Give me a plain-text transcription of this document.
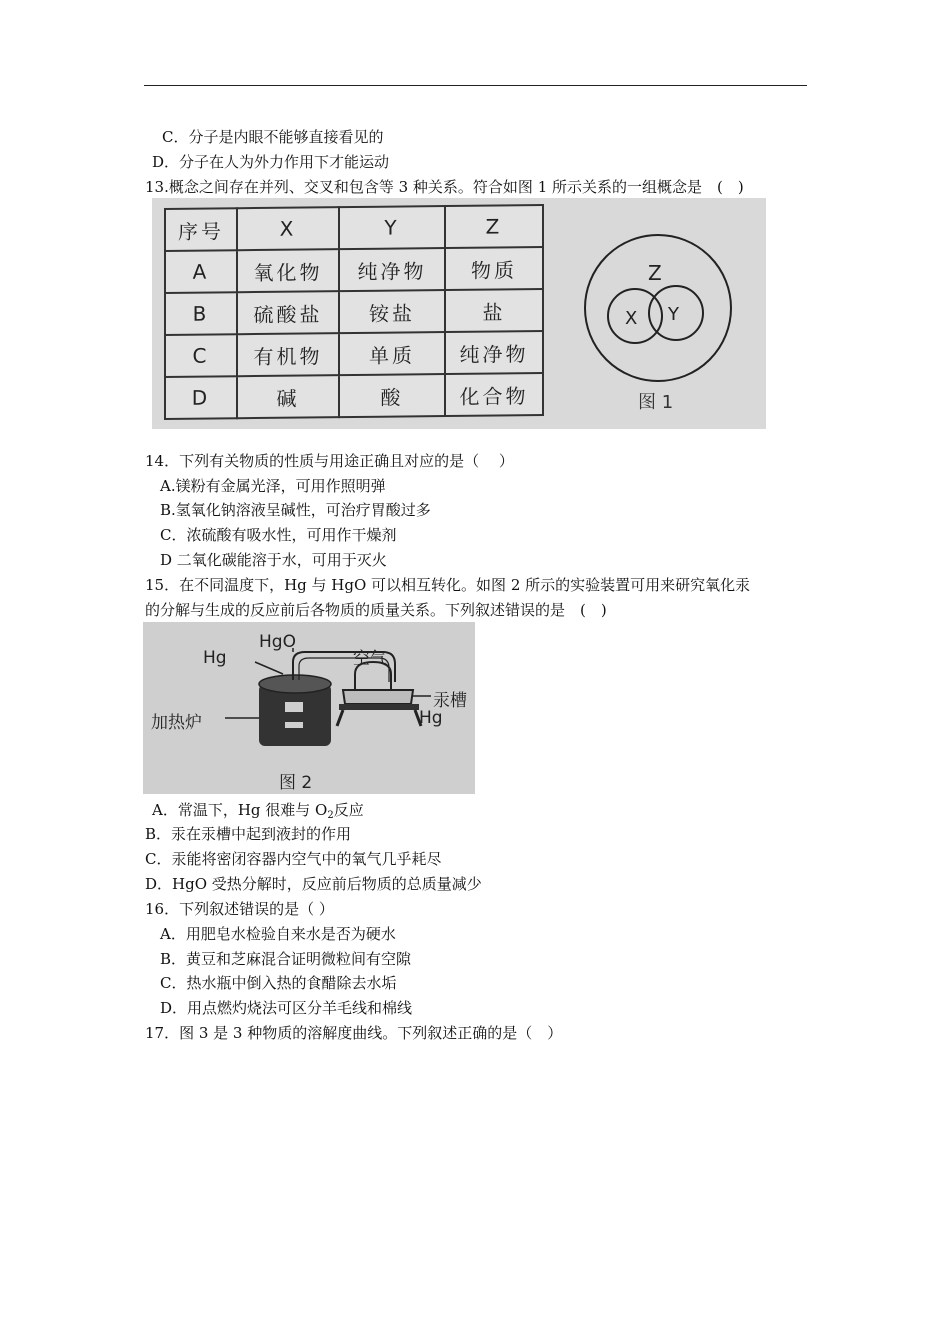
C．分子是内眼不能够直接看见的
D．分子在人为外力作用下才能运动
13.概念之间存在并列、交叉和包含等 3 种关系。符合如图 1 所示关系的一组概念是　(　)
序号	X	Y	Z
A	氧化物	纯净物	物质
B	硫酸盐	铵盐	盐
C	有机物	单质	纯净物
D	碱	酸	化合物
Z
X Y
图 1
14．下列有关物质的性质与用途正确且对应的是（　 ）
A.镁粉有金属光泽，可用作照明弹
B.氢氧化钠溶液呈碱性，可治疗胃酸过多
C．浓硫酸有吸水性，可用作干燥剂
D 二氧化碳能溶于水，可用于灭火
15．在不同温度下，Hg 与 HgO 可以相互转化。如图 2 所示的实验装置可用来研究氧化汞
的分解与生成的反应前后各物质的质量关系。下列叙述错误的是　(　)
Hg
HgO
空气
汞槽
Hg
加热炉
图 2
A．常温下，Hg 很难与 $O_2$反应
B．汞在汞槽中起到液封的作用
C．汞能将密闭容器内空气中的氧气几乎耗尽
D．HgO 受热分解时，反应前后物质的总质量减少
16．下列叙述错误的是（ ）
A．用肥皂水检验自来水是否为硬水
B．黄豆和芝麻混合证明微粒间有空隙
C．热水瓶中倒入热的食醋除去水垢
D．用点燃灼烧法可区分羊毛线和棉线
17．图 3 是 3 种物质的溶解度曲线。下列叙述正确的是（　）
